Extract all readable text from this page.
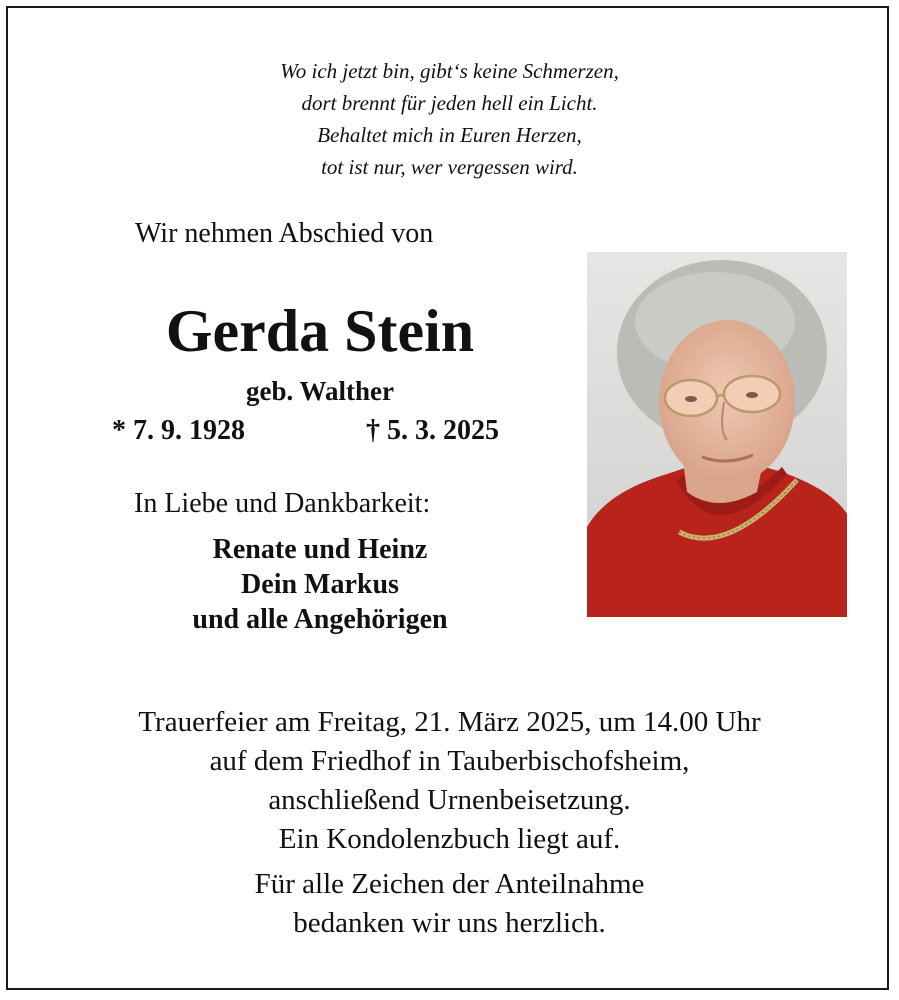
Wo ich jetzt bin, gibt‘s keine Schmerzen,
dort brennt für jeden hell ein Licht.
Behaltet mich in Euren Herzen,
tot ist nur, wer vergessen wird.
Wir nehmen Abschied von
Gerda Stein
geb. Walther
* 7. 9. 1928	† 5. 3. 2025
In Liebe und Dankbarkeit:
Renate und Heinz
Dein Markus
und alle Angehörigen
Trauerfeier am Freitag, 21. März 2025, um 14.00 Uhr
auf dem Friedhof in Tauberbischofsheim,
anschließend Urnenbeisetzung.
Ein Kondolenzbuch liegt auf.
Für alle Zeichen der Anteilnahme
bedanken wir uns herzlich.
